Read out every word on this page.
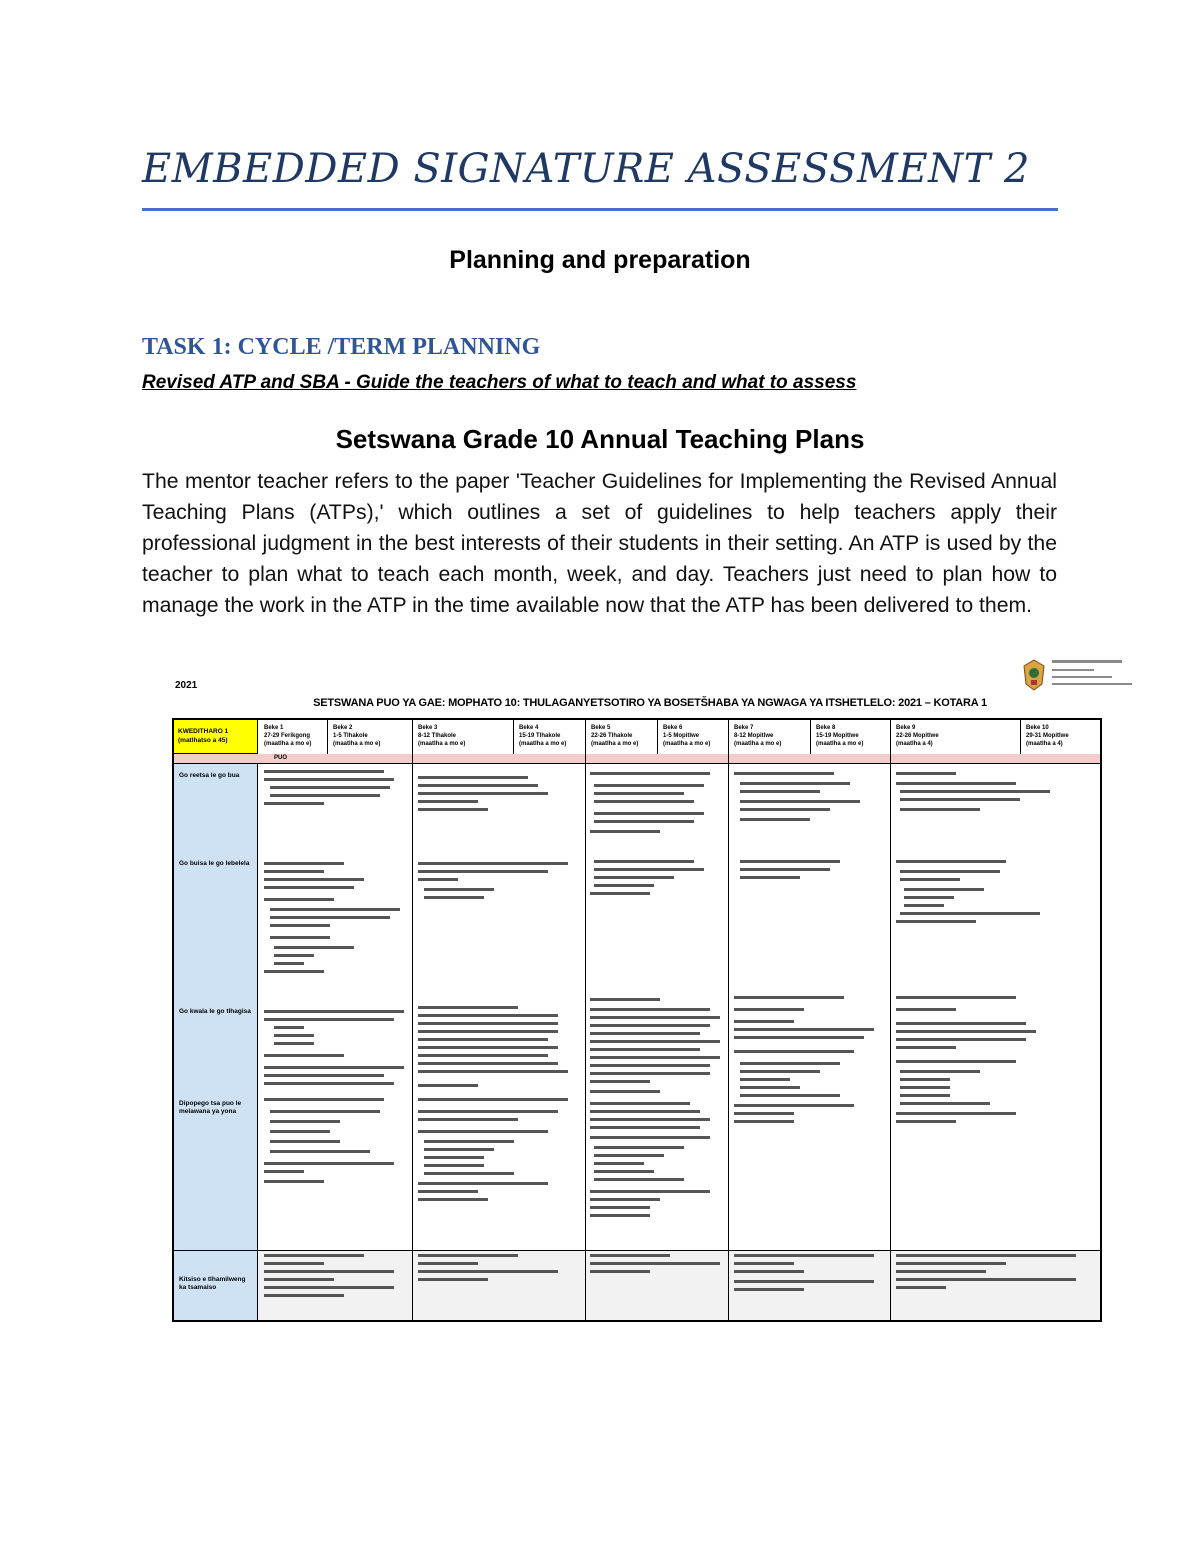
EMBEDDED SIGNATURE ASSESSMENT 2
Planning and preparation
TASK 1: CYCLE /TERM PLANNING

Revised ATP and SBA - Guide the teachers of what to teach and what to assess

Setswana Grade 10 Annual Teaching Plans

The mentor teacher refers to the paper 'Teacher Guidelines for Implementing the Revised Annual Teaching Plans (ATPs),' which outlines a set of guidelines to help teachers apply their professional judgment in the best interests of their students in their setting. An ATP is used by the teacher to plan what to teach each month, week, and day. Teachers just need to plan how to manage the work in the ATP in the time available now that the ATP has been delivered to them.

2021
SETSWANA PUO YA GAE: MOPHATO 10: THULAGANYETSOTIRO YA BOSETŠHABA YA NGWAGA YA ITSHETLELO: 2021 – KOTARA 1
KWEDITHARO 1 (matlhatso a 45)
Beke 1
27-29 Ferikgong
(maatlha a mo e)
Beke 2
1-5 Tlhakole
(maatlha a mo e)
Beke 3
8-12 Tlhakole
(maatlha a mo e)
Beke 4
15-19 Tlhakole
(maatlha a mo e)
Beke 5
22-26 Tlhakole
(maatlha a mo e)
Beke 6
1-5 Mopitlwe
(maatlha a mo e)
Beke 7
8-12 Mopitlwe
(maatlha a mo e)
Beke 8
15-19 Mopitlwe
(maatlha a mo e)
Beke 9
22-26 Mopitlwe
(maatlha a 4)
Beke 10
29-31 Mopitlwe
(maatlha a 4)
PUO
Go reetsa le go bua
Go buisa le go lebelela
Go kwala le go tlhagisa
Dipopego tsa puo le melawana ya yona
Kitsiso e tlhamilweng ka tsamaiso
